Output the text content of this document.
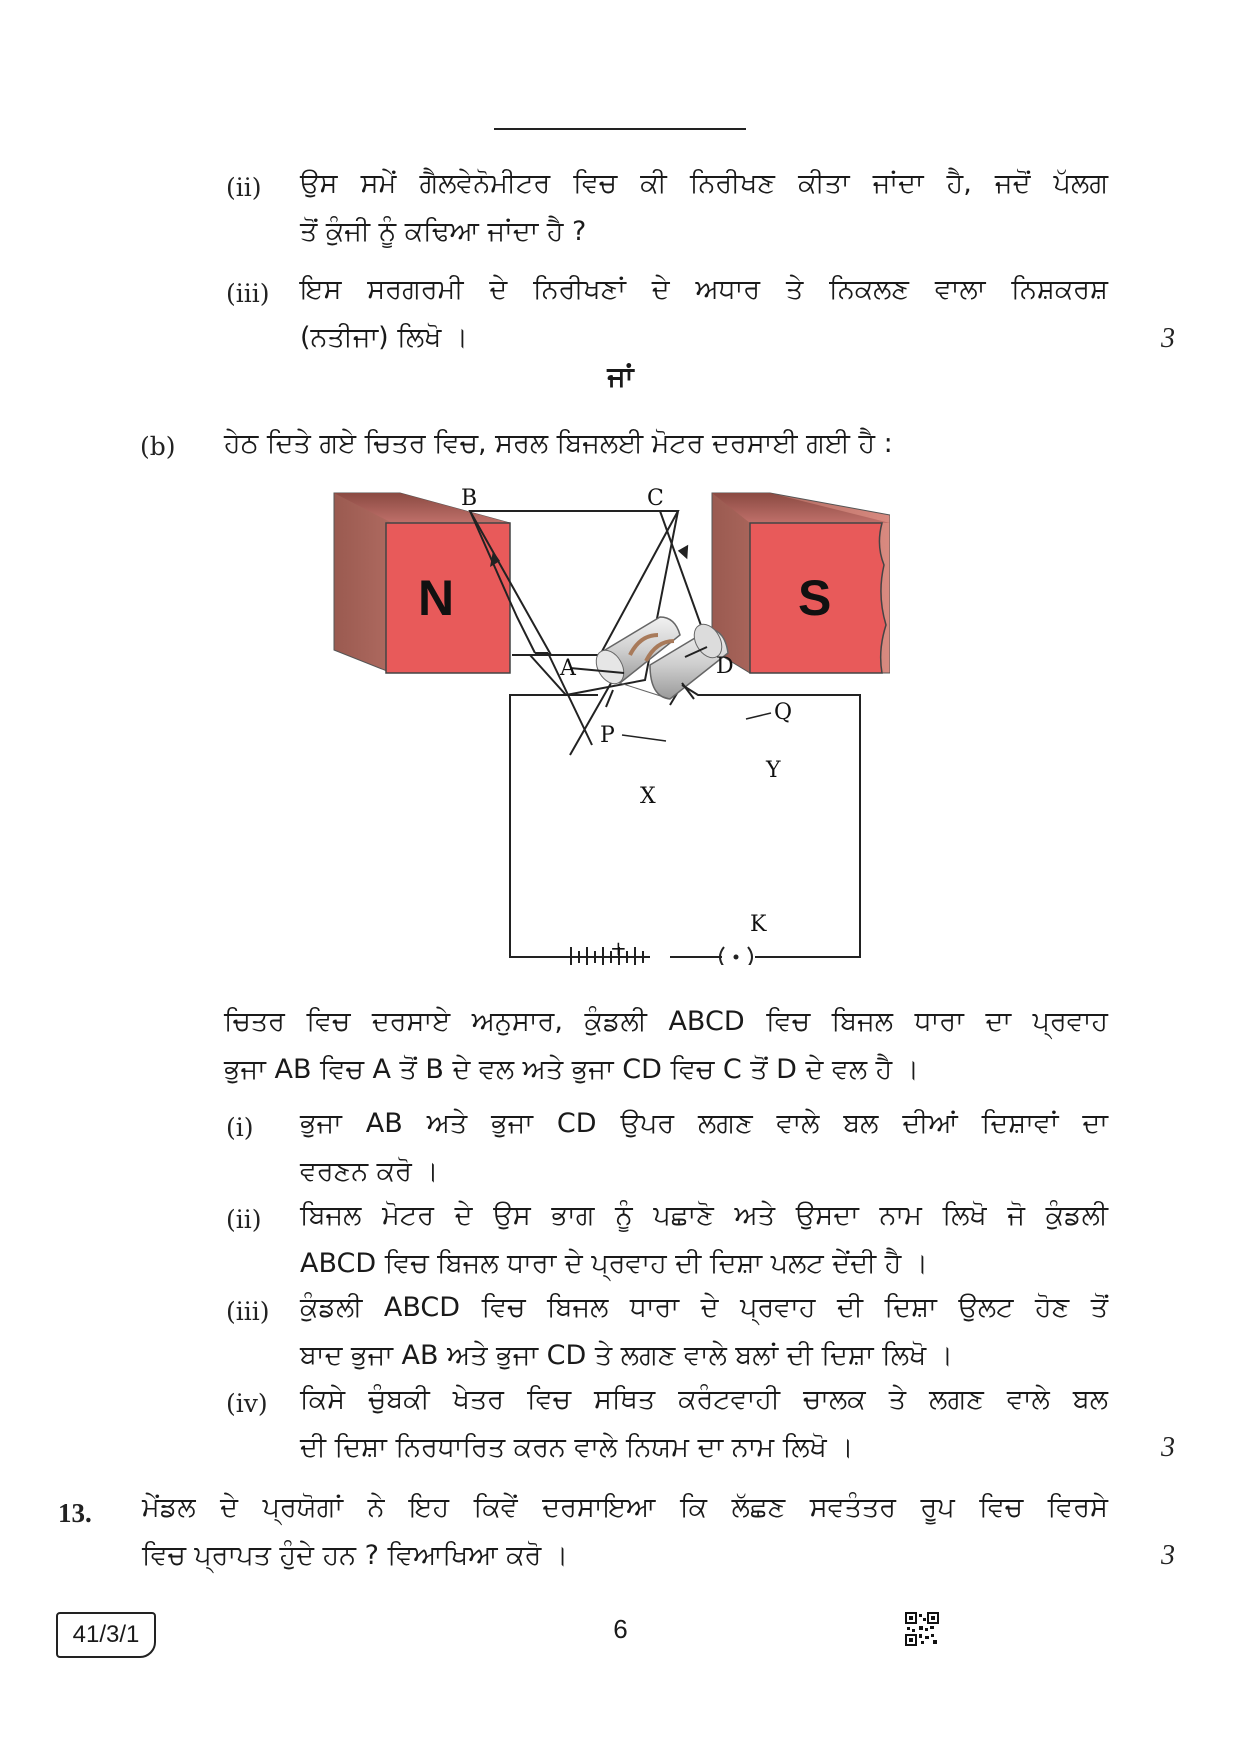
(ii) ਉਸ ਸਮੇਂ ਗੈਲਵੇਨੋਮੀਟਰ ਵਿਚ ਕੀ ਨਿਰੀਖਣ ਕੀਤਾ ਜਾਂਦਾ ਹੈ, ਜਦੋਂ ਪੱਲਗ
ਤੋਂ ਕੁੰਜੀ ਨੂੰ ਕਢਿਆ ਜਾਂਦਾ ਹੈ ?
(iii) ਇਸ ਸਰਗਰਮੀ ਦੇ ਨਿਰੀਖਣਾਂ ਦੇ ਅਧਾਰ ਤੇ ਨਿਕਲਣ ਵਾਲਾ ਨਿਸ਼ਕਰਸ਼
(ਨਤੀਜਾ) ਲਿਖੋ ।	3
ਜਾਂ
(b) ਹੇਠ ਦਿਤੇ ਗਏ ਚਿਤਰ ਵਿਚ, ਸਰਲ ਬਿਜਲਈ ਮੋਟਰ ਦਰਸਾਈ ਗਈ ਹੈ :
N	S
B	C
A	D
P
Q
X
Y
K
+
ਚਿਤਰ ਵਿਚ ਦਰਸਾਏ ਅਨੁਸਾਰ, ਕੁੰਡਲੀ ABCD ਵਿਚ ਬਿਜਲ ਧਾਰਾ ਦਾ ਪ੍ਰਵਾਹ
ਭੁਜਾ AB ਵਿਚ A ਤੋਂ B ਦੇ ਵਲ ਅਤੇ ਭੁਜਾ CD ਵਿਚ C ਤੋਂ D ਦੇ ਵਲ ਹੈ ।
(i) ਭੁਜਾ AB ਅਤੇ ਭੁਜਾ CD ਉਪਰ ਲਗਣ ਵਾਲੇ ਬਲ ਦੀਆਂ ਦਿਸ਼ਾਵਾਂ ਦਾ
ਵਰਣਨ ਕਰੋ ।
(ii) ਬਿਜਲ ਮੋਟਰ ਦੇ ਉਸ ਭਾਗ ਨੂੰ ਪਛਾਣੋ ਅਤੇ ਉਸਦਾ ਨਾਮ ਲਿਖੋ ਜੋ ਕੁੰਡਲੀ
ABCD ਵਿਚ ਬਿਜਲ ਧਾਰਾ ਦੇ ਪ੍ਰਵਾਹ ਦੀ ਦਿਸ਼ਾ ਪਲਟ ਦੇਂਦੀ ਹੈ ।
(iii) ਕੁੰਡਲੀ ABCD ਵਿਚ ਬਿਜਲ ਧਾਰਾ ਦੇ ਪ੍ਰਵਾਹ ਦੀ ਦਿਸ਼ਾ ਉਲਟ ਹੋਣ ਤੋਂ
ਬਾਦ ਭੁਜਾ AB ਅਤੇ ਭੁਜਾ CD ਤੇ ਲਗਣ ਵਾਲੇ ਬਲਾਂ ਦੀ ਦਿਸ਼ਾ ਲਿਖੋ ।
(iv) ਕਿਸੇ ਚੁੰਬਕੀ ਖੇਤਰ ਵਿਚ ਸਥਿਤ ਕਰੰਟਵਾਹੀ ਚਾਲਕ ਤੇ ਲਗਣ ਵਾਲੇ ਬਲ
ਦੀ ਦਿਸ਼ਾ ਨਿਰਧਾਰਿਤ ਕਰਨ ਵਾਲੇ ਨਿਯਮ ਦਾ ਨਾਮ ਲਿਖੋ ।	3
13. ਮੇਂਡਲ ਦੇ ਪ੍ਰਯੋਗਾਂ ਨੇ ਇਹ ਕਿਵੇਂ ਦਰਸਾਇਆ ਕਿ ਲੱਛਣ ਸਵਤੰਤਰ ਰੂਪ ਵਿਚ ਵਿਰਸੇ
ਵਿਚ ਪ੍ਰਾਪਤ ਹੁੰਦੇ ਹਨ ? ਵਿਆਖਿਆ ਕਰੋ ।	3
41/3/1	6
